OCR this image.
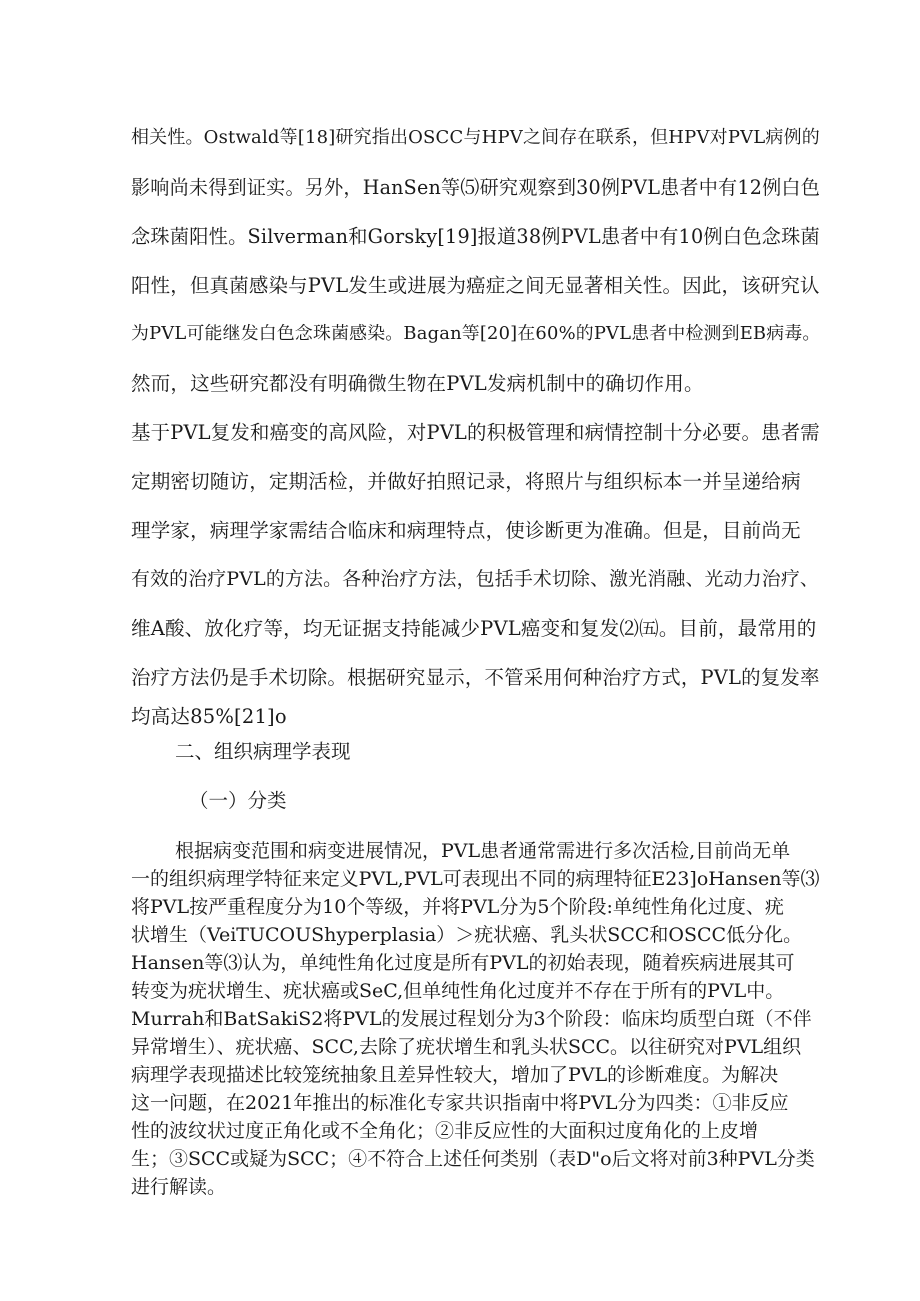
相关性。Ostwald等[18]研究指出OSCC与HPV之间存在联系，但HPV对PVL病例的
影响尚未得到证实。另外，HanSen等⑸研究观察到30例PVL患者中有12例白色
念珠菌阳性。Silverman和Gorsky[19]报道38例PVL患者中有10例白色念珠菌
阳性，但真菌感染与PVL发生或进展为癌症之间无显著相关性。因此，该研究认
为PVL可能继发白色念珠菌感染。Bagan等[20]在60%的PVL患者中检测到EB病毒。
然而，这些研究都没有明确微生物在PVL发病机制中的确切作用。
基于PVL复发和癌变的高风险，对PVL的积极管理和病情控制十分必要。患者需
定期密切随访，定期活检，并做好拍照记录，将照片与组织标本一并呈递给病
理学家，病理学家需结合临床和病理特点，使诊断更为准确。但是，目前尚无
有效的治疗PVL的方法。各种治疗方法，包括手术切除、激光消融、光动力治疗、
维A酸、放化疗等，均无证据支持能减少PVL癌变和复发⑵㈤。目前，最常用的
治疗方法仍是手术切除。根据研究显示，不管采用何种治疗方式，PVL的复发率
均高达85%[21]o
二、组织病理学表现
（一）分类
根据病变范围和病变进展情况，PVL患者通常需进行多次活检,目前尚无单
一的组织病理学特征来定义PVL,PVL可表现出不同的病理特征E23]oHansen等⑶
将PVL按严重程度分为10个等级，并将PVL分为5个阶段:单纯性角化过度、疣
状增生（VeiTUCOUShyperplasia）＞疣状癌、乳头状SCC和OSCC低分化。
Hansen等⑶认为，单纯性角化过度是所有PVL的初始表现，随着疾病进展其可
转变为疣状增生、疣状癌或SeC,但单纯性角化过度并不存在于所有的PVL中。
Murrah和BatSakiS2将PVL的发展过程划分为3个阶段：临床均质型白斑（不伴
异常增生）、疣状癌、SCC,去除了疣状增生和乳头状SCC。以往研究对PVL组织
病理学表现描述比较笼统抽象且差异性较大，增加了PVL的诊断难度。为解决
这一问题，在2021年推出的标准化专家共识指南中将PVL分为四类：①非反应
性的波纹状过度正角化或不全角化；②非反应性的大面积过度角化的上皮增
生；③SCC或疑为SCC；④不符合上述任何类别（表D"o后文将对前3种PVL分类
进行解读。
